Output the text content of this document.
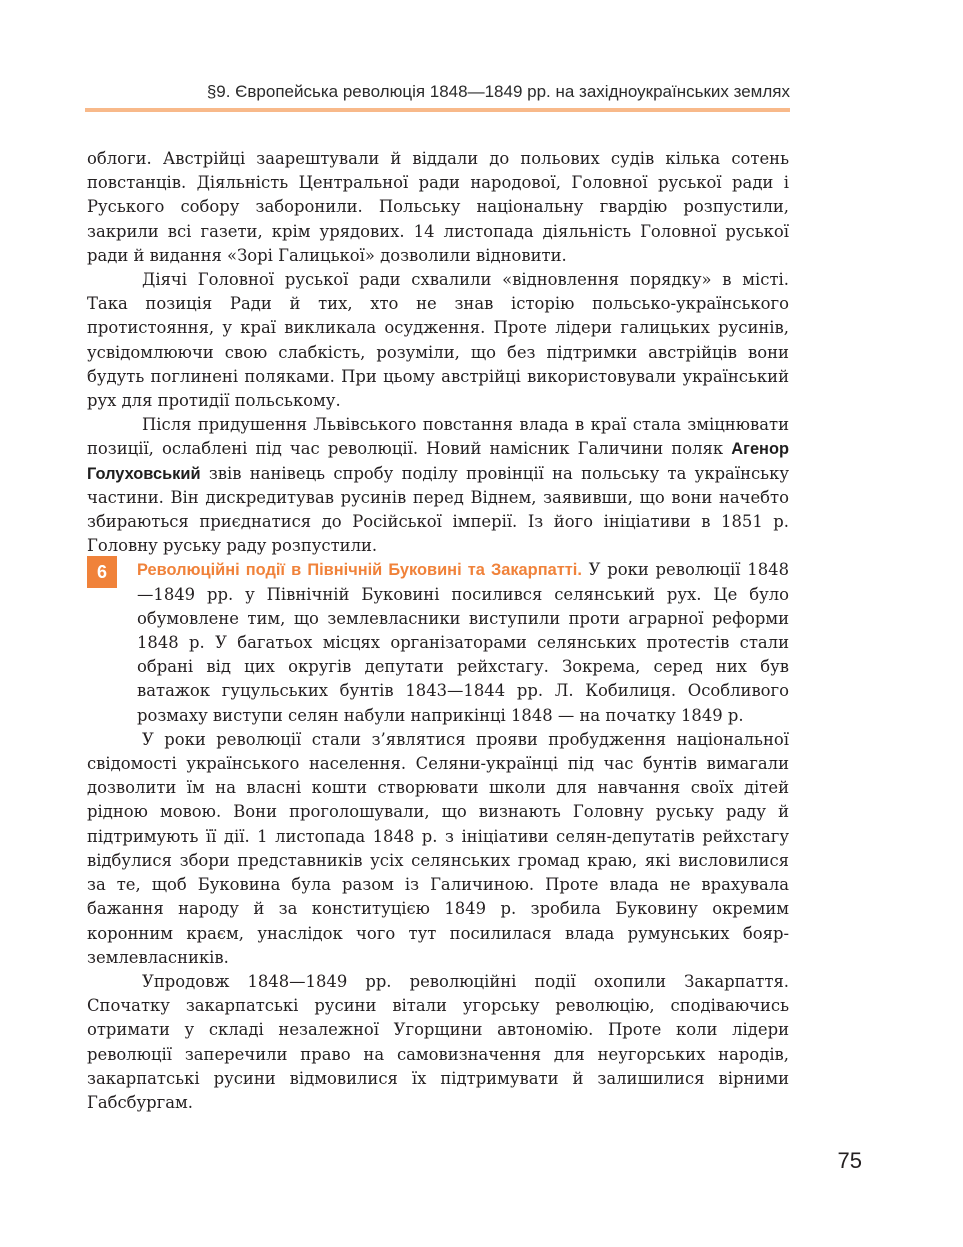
§9. Європейська революція 1848—1849 рр. на західноукраїнських землях

облоги. Австрійці заарештували й віддали до польових судів кілька сотень повстанців. Діяльність Центральної ради народової, Головної руської ради і Руського собору заборонили. Польську національну гвардію розпустили, закрили всі газети, крім урядових. 14 листопада діяльність Головної руської ради й видання «Зорі Галицької» дозволили відновити.

Діячі Головної руської ради схвалили «відновлення порядку» в місті. Така позиція Ради й тих, хто не знав історію польсько-українського протистояння, у краї викликала осудження. Проте лідери галицьких русинів, усвідомлюючи свою слабкість, розуміли, що без підтримки австрійців вони будуть поглинені поляками. При цьому австрійці використовували український рух для протидії польському.

Після придушення Львівського повстання влада в краї стала зміцнювати позиції, ослаблені під час революції. Новий намісник Галичини поляк Агенор Голуховський звів нанівець спробу поділу провінції на польську та українську частини. Він дискредитував русинів перед Віднем, заявивши, що вони начебто збираються приєднатися до Російської імперії. Із його ініціативи в 1851 р. Головну руську раду розпустили.

Революційні події в Північній Буковині та Закарпатті. У роки революції 1848—1849 рр. у Північній Буковині посилився селянський рух. Це було обумовлене тим, що землевласники виступили проти аграрної реформи 1848 р. У багатьох місцях організаторами селянських протестів стали обрані від цих округів депутати рейхстагу. Зокрема, серед них був ватажок гуцульських бунтів 1843—1844 рр. Л. Кобилиця. Особливого розмаху виступи селян набули наприкінці 1848 — на початку 1849 р.

У роки революції стали з’являтися прояви пробудження національної свідомості українського населення. Селяни-українці під час бунтів вимагали дозволити їм на власні кошти створювати школи для навчання своїх дітей рідною мовою. Вони проголошували, що визнають Головну руську раду й підтримують її дії. 1 листопада 1848 р. з ініціативи селян-депутатів рейхстагу відбулися збори представників усіх селянських громад краю, які висловилися за те, щоб Буковина була разом із Галичиною. Проте влада не врахувала бажання народу й за конституцією 1849 р. зробила Буковину окремим коронним краєм, унаслідок чого тут посилилася влада румунських бояр-землевласників.

Упродовж 1848—1849 рр. революційні події охопили Закарпаття. Спочатку закарпатські русини вітали угорську революцію, сподіваючись отримати у складі незалежної Угорщини автономію. Проте коли лідери революції заперечили право на самовизначення для неугорських народів, закарпатські русини відмовилися їх підтримувати й залишилися вірними Габсбургам.

6
75
